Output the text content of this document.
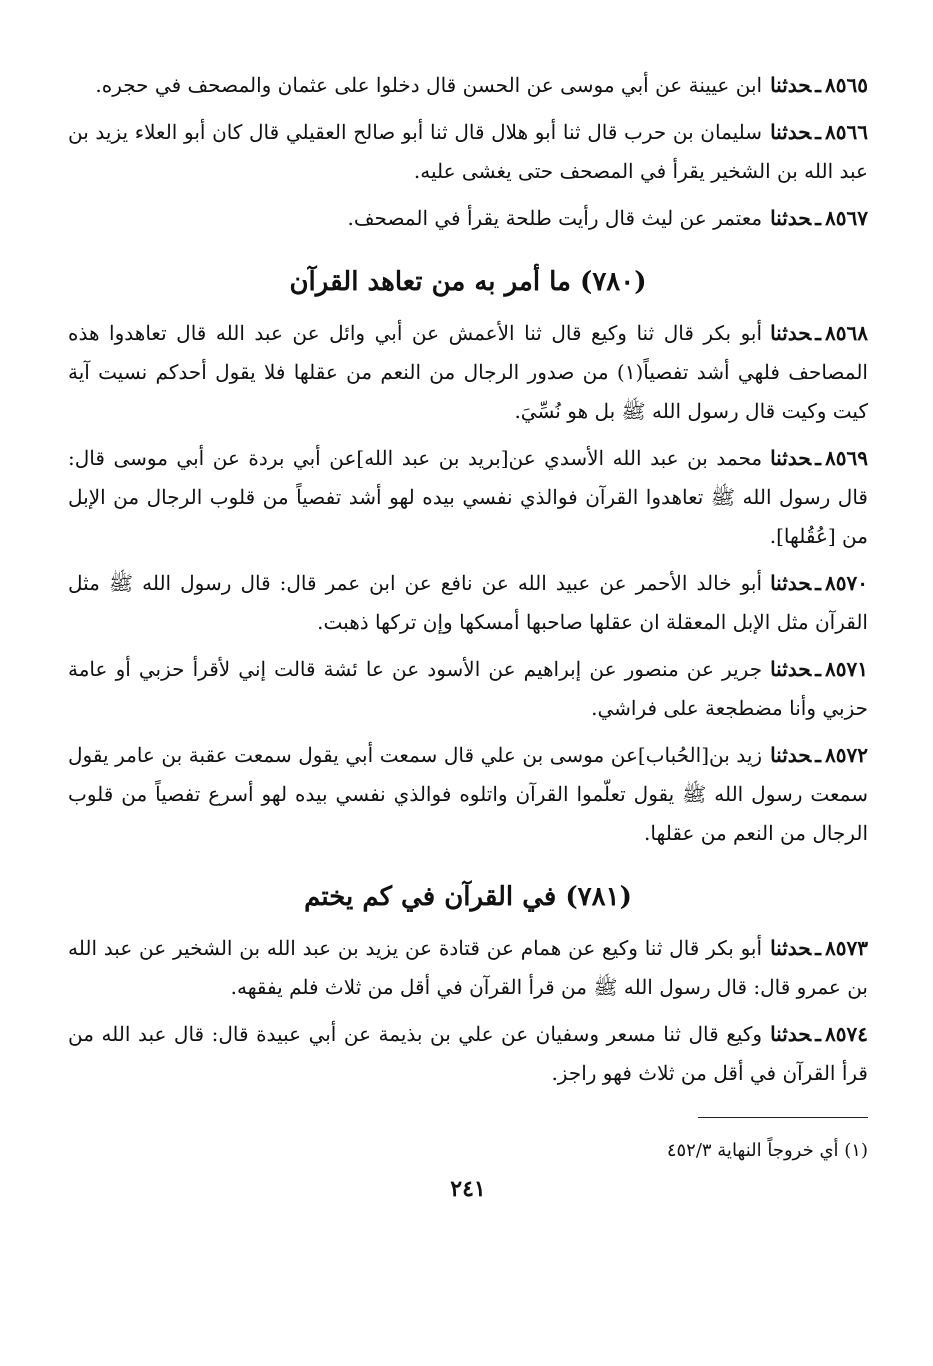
٨٥٦٥ـحدثناابن عيينة عن أبي موسى عن الحسن قال دخلوا على عثمان والمصحف في حجره.

٨٥٦٦ـحدثناسليمان بن حرب قال ثنا أبو هلال قال ثنا أبو صالح العقيلي قال كان أبو العلاء يزيد بن عبد الله بن الشخير يقرأ في المصحف حتى يغشى عليه.

٨٥٦٧ـحدثنامعتمر عن ليث قال رأيت طلحة يقرأ في المصحف.

(٧٨٠) ما أمر به من تعاهد القرآن

٨٥٦٨ـحدثناأبو بكر قال ثنا وكيع قال ثنا الأعمش عن أبي وائل عن عبد الله قال تعاهدوا هذه المصاحف فلهي أشد تفصياً(١) من صدور الرجال من النعم من عقلها فلا يقول أحدكم نسيت آية كيت وكيت قال رسول الله ﷺ بل هو نُسِّيَ.

٨٥٦٩ـحدثنامحمد بن عبد الله الأسدي عن[بريد بن عبد الله]عن أبي بردة عن أبي موسى قال: قال رسول الله ﷺ تعاهدوا القرآن فوالذي نفسي بيده لهو أشد تفصياً من قلوب الرجال من الإبل من [عُقُلها].

٨٥٧٠ـحدثناأبو خالد الأحمر عن عبيد الله عن نافع عن ابن عمر قال: قال رسول الله ﷺ مثل القرآن مثل الإبل المعقلة ان عقلها صاحبها أمسكها وإن تركها ذهبت.

٨٥٧١ـحدثناجرير عن منصور عن إبراهيم عن الأسود عن عا ئشة قالت إني لأقرأ حزبي أو عامة حزبي وأنا مضطجعة على فراشي.

٨٥٧٢ـحدثنازيد بن[الحُباب]عن موسى بن علي قال سمعت أبي يقول سمعت عقبة بن عامر يقول سمعت رسول الله ﷺ يقول تعلّموا القرآن واتلوه فوالذي نفسي بيده لهو أسرع تفصياً من قلوب الرجال من النعم من عقلها.

(٧٨١) في القرآن في كم يختم

٨٥٧٣ـحدثناأبو بكر قال ثنا وكيع عن همام عن قتادة عن يزيد بن عبد الله بن الشخير عن عبد الله بن عمرو قال: قال رسول الله ﷺ من قرأ القرآن في أقل من ثلاث فلم يفقهه.

٨٥٧٤ـحدثناوكيع قال ثنا مسعر وسفيان عن علي بن بذيمة عن أبي عبيدة قال: قال عبد الله من قرأ القرآن في أقل من ثلاث فهو راجز.

(١) أي خروجاً النهاية ٤٥٢/٣
٢٤١
